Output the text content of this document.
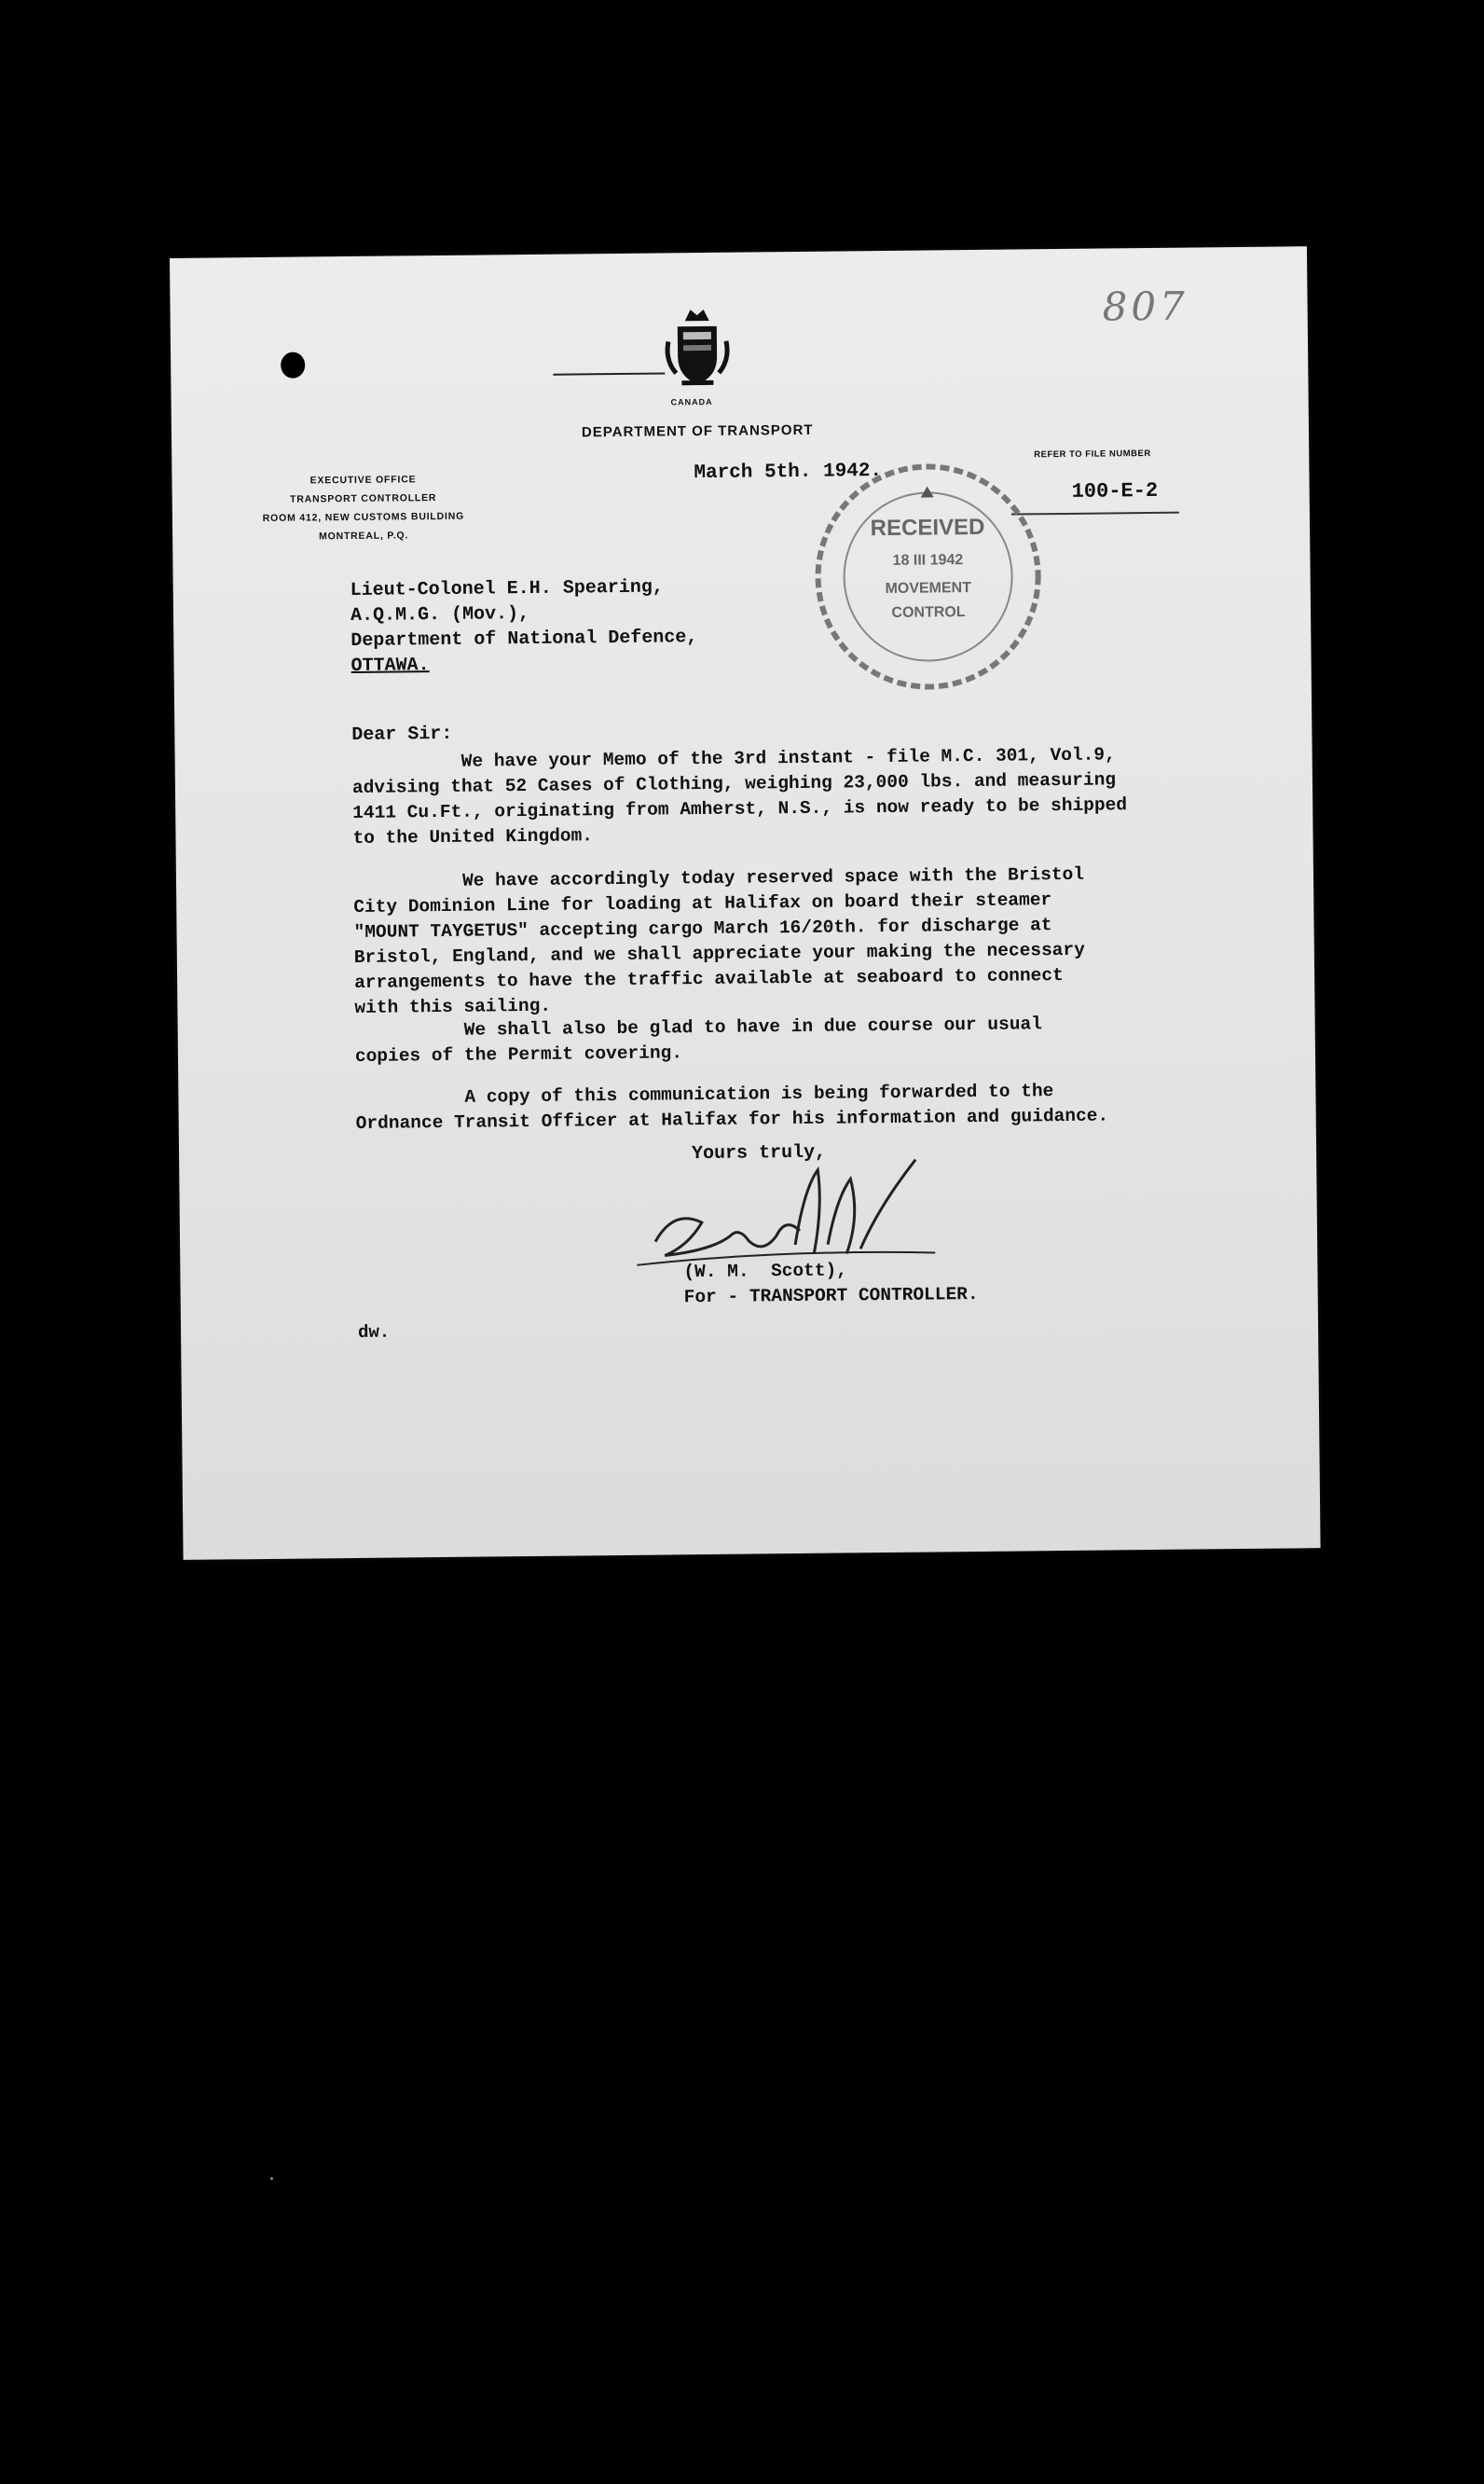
807
CANADA
DEPARTMENT OF TRANSPORT
EXECUTIVE OFFICE
TRANSPORT CONTROLLER
ROOM 412, NEW CUSTOMS BUILDING
MONTREAL, P.Q.
March 5th. 1942.
REFER TO FILE NUMBER
100-E-2
RECEIVED
18 III 1942
MOVEMENT
CONTROL
Lieut-Colonel E.H. Spearing,
A.Q.M.G. (Mov.),
Department of National Defence,
OTTAWA.
Dear Sir:
We have your Memo of the 3rd instant - file M.C. 301, Vol.9,
advising that 52 Cases of Clothing, weighing 23,000 lbs. and measuring
1411 Cu.Ft., originating from Amherst, N.S., is now ready to be shipped
to the United Kingdom.
We have accordingly today reserved space with the Bristol
City Dominion Line for loading at Halifax on board their steamer
"MOUNT TAYGETUS" accepting cargo March 16/20th. for discharge at
Bristol, England, and we shall appreciate your making the necessary
arrangements to have the traffic available at seaboard to connect
with this sailing.
We shall also be glad to have in due course our usual
copies of the Permit covering.
A copy of this communication is being forwarded to the
Ordnance Transit Officer at Halifax for his information and guidance.
Yours truly,
(W. M.  Scott),
For - TRANSPORT CONTROLLER.
dw.
